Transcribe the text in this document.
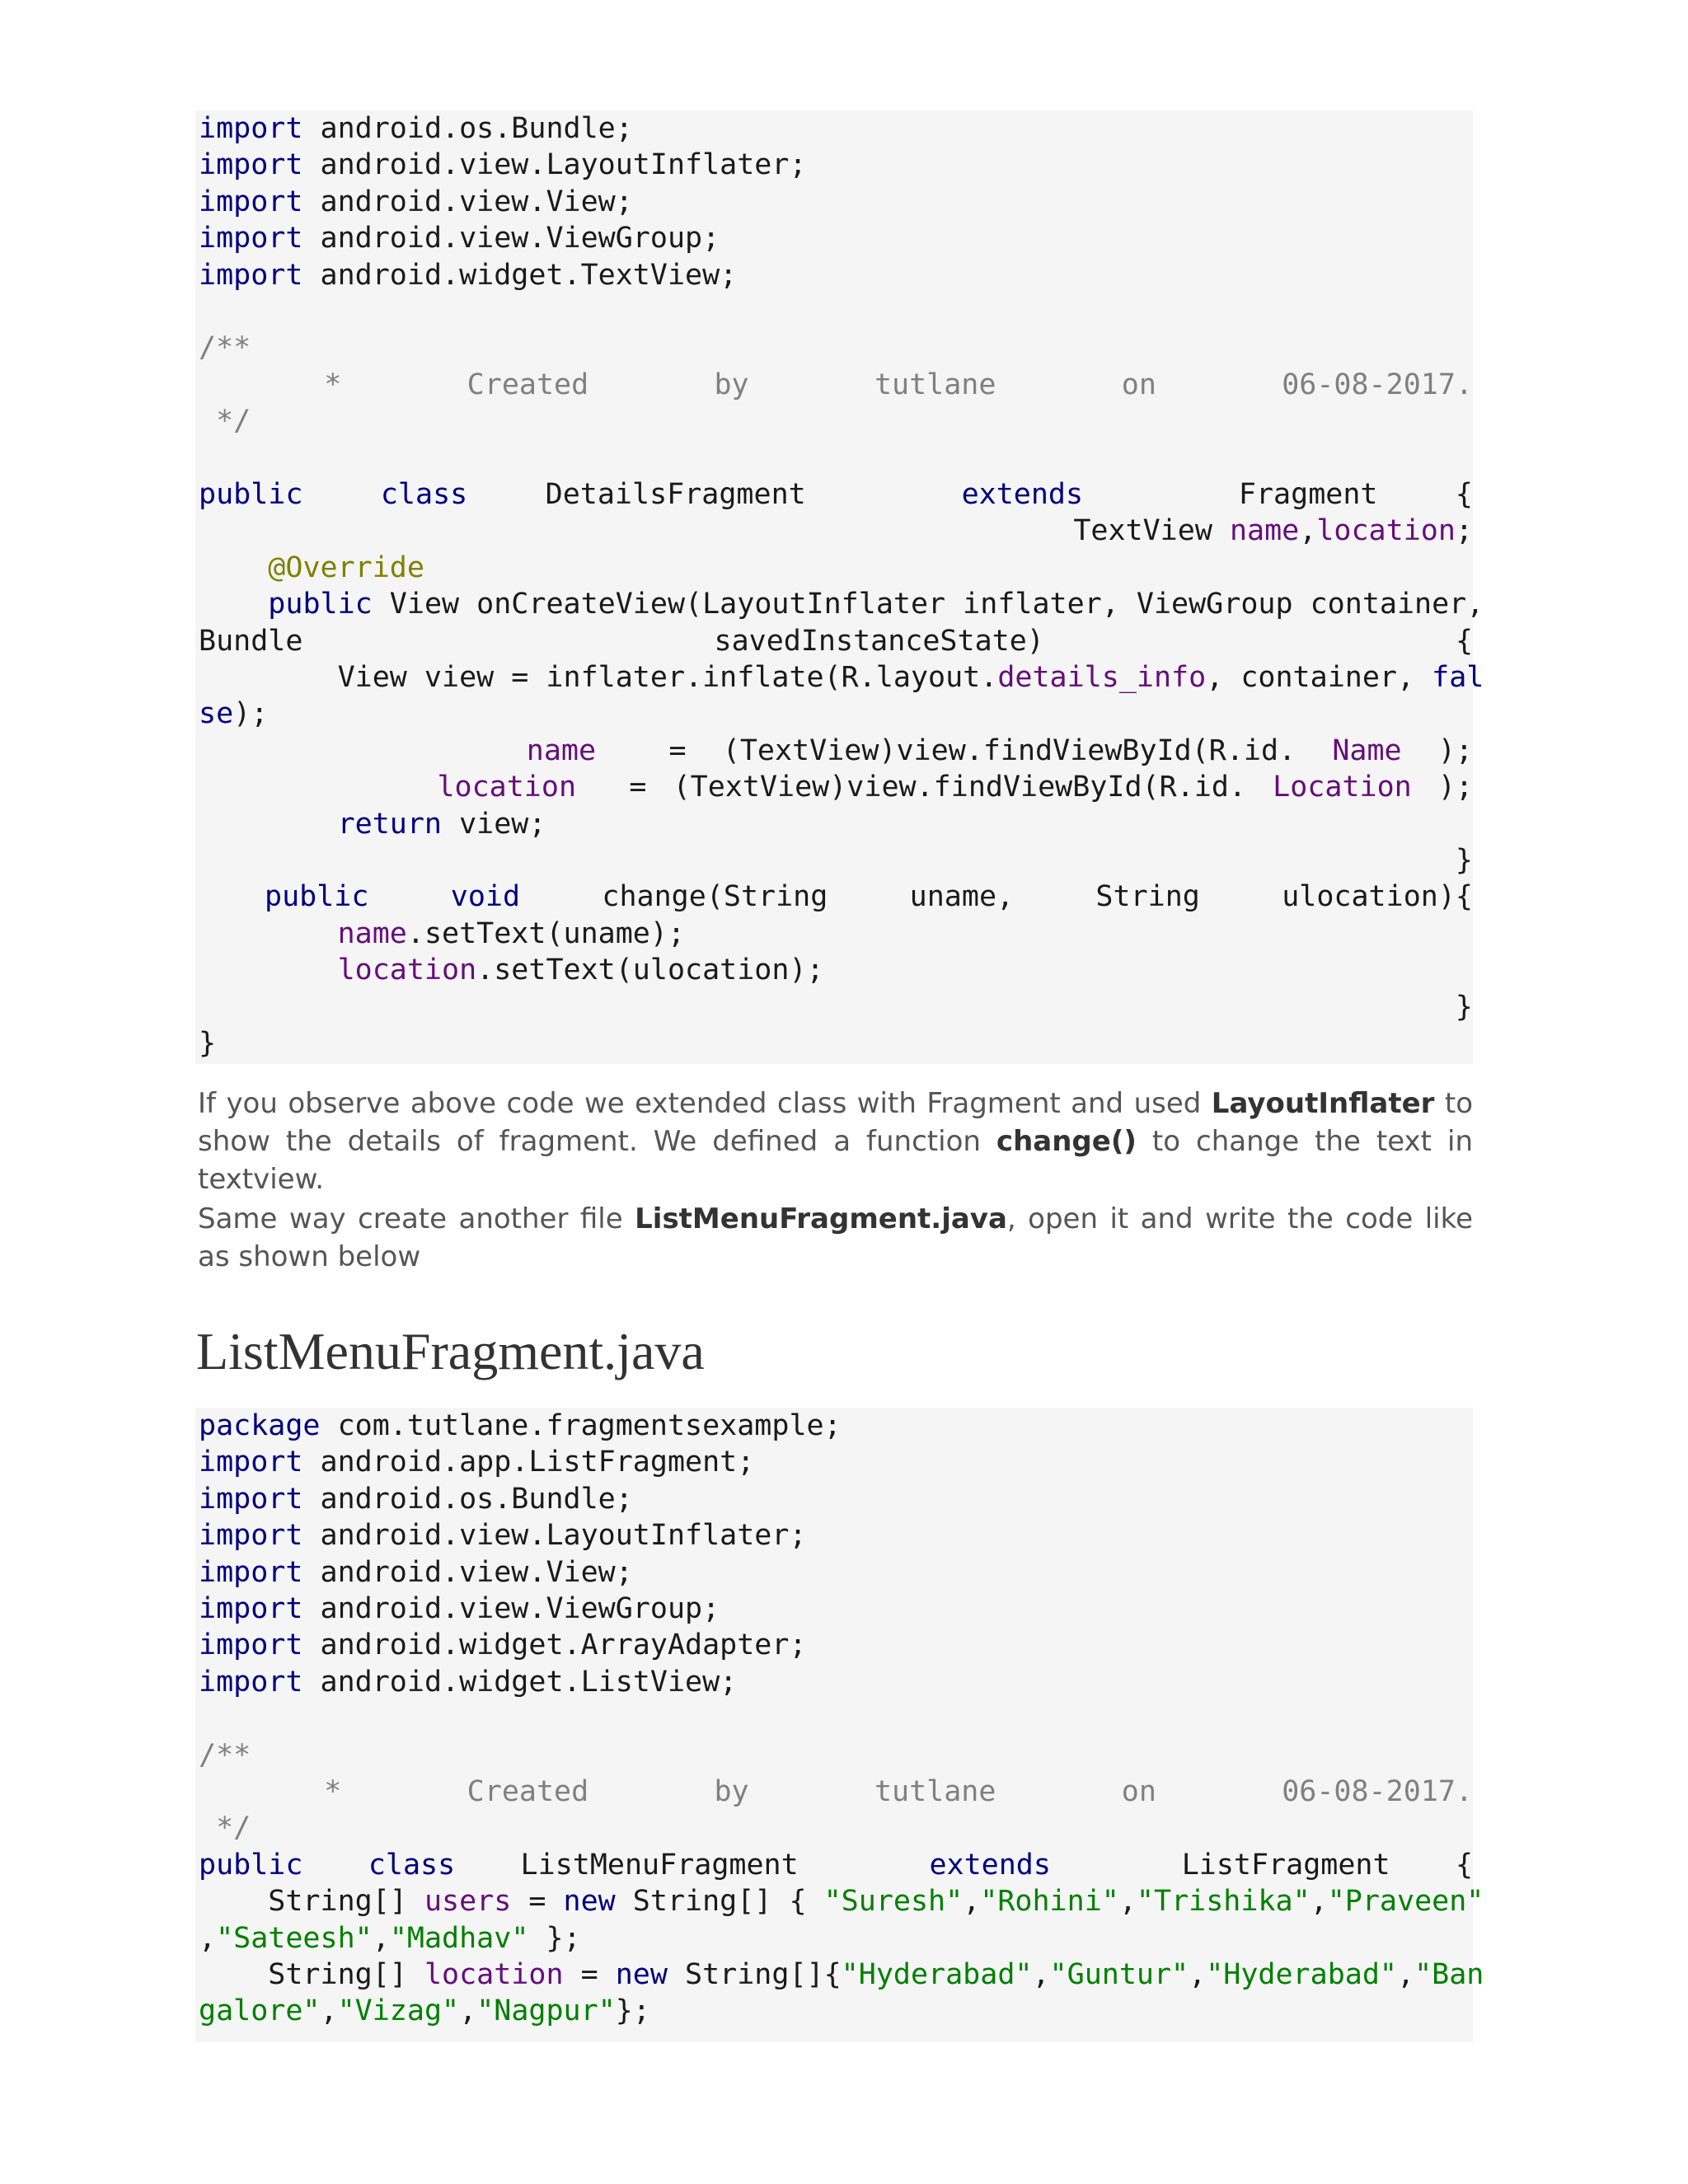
import android.os.Bundle;
import android.view.LayoutInflater;
import android.view.View;
import android.view.ViewGroup;
import android.widget.TextView;
/**
*	Created	by	tutlane	on	06-08-2017.
*/
public	class	DetailsFragment	extends	Fragment	{
TextView name,location;
@Override
public View onCreateView(LayoutInflater inflater, ViewGroup container,
Bundle	savedInstanceState)	{
View view = inflater.inflate(R.layout.details_info, container, fal
se);
name  = (TextView)view.findViewById(R.id. Name );
location  = (TextView)view.findViewById(R.id. Location );
return view;
}
public	void	change(String	uname,	String	ulocation){
name.setText(uname);
location.setText(ulocation);
}
}

If you observe above code we extended class with Fragment and used LayoutInflater to show the details of fragment. We defined a function change() to change the text in textview.

Same way create another file ListMenuFragment.java, open it and write the code like as shown below

ListMenuFragment.java
package com.tutlane.fragmentsexample;
import android.app.ListFragment;
import android.os.Bundle;
import android.view.LayoutInflater;
import android.view.View;
import android.view.ViewGroup;
import android.widget.ArrayAdapter;
import android.widget.ListView;
/**
*	Created	by	tutlane	on	06-08-2017.
*/
public class ListMenuFragment  extends  ListFragment {
String[] users = new String[] { "Suresh","Rohini","Trishika","Praveen"
,"Sateesh","Madhav" };
String[] location = new String[]{"Hyderabad","Guntur","Hyderabad","Ban
galore","Vizag","Nagpur"};
